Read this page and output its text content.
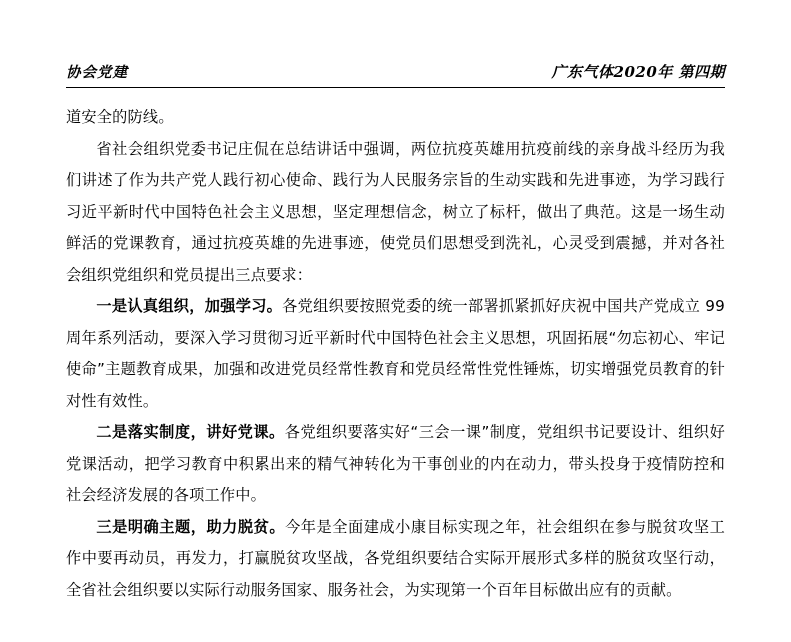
协会党建	广东气体2020年 第四期

道安全的防线。

省社会组织党委书记庄侃在总结讲话中强调，两位抗疫英雄用抗疫前线的亲身战斗经历为我们讲述了作为共产党人践行初心使命、践行为人民服务宗旨的生动实践和先进事迹，为学习践行习近平新时代中国特色社会主义思想，坚定理想信念，树立了标杆，做出了典范。这是一场生动鲜活的党课教育，通过抗疫英雄的先进事迹，使党员们思想受到洗礼，心灵受到震撼，并对各社会组织党组织和党员提出三点要求：

一是认真组织，加强学习。各党组织要按照党委的统一部署抓紧抓好庆祝中国共产党成立 99 周年系列活动，要深入学习贯彻习近平新时代中国特色社会主义思想，巩固拓展“勿忘初心、牢记使命”主题教育成果，加强和改进党员经常性教育和党员经常性党性锤炼，切实增强党员教育的针对性有效性。

二是落实制度，讲好党课。各党组织要落实好“三会一课”制度，党组织书记要设计、组织好党课活动，把学习教育中积累出来的精气神转化为干事创业的内在动力，带头投身于疫情防控和社会经济发展的各项工作中。

三是明确主题，助力脱贫。今年是全面建成小康目标实现之年，社会组织在参与脱贫攻坚工作中要再动员，再发力，打赢脱贫攻坚战，各党组织要结合实际开展形式多样的脱贫攻坚行动，全省社会组织要以实际行动服务国家、服务社会，为实现第一个百年目标做出应有的贡献。
